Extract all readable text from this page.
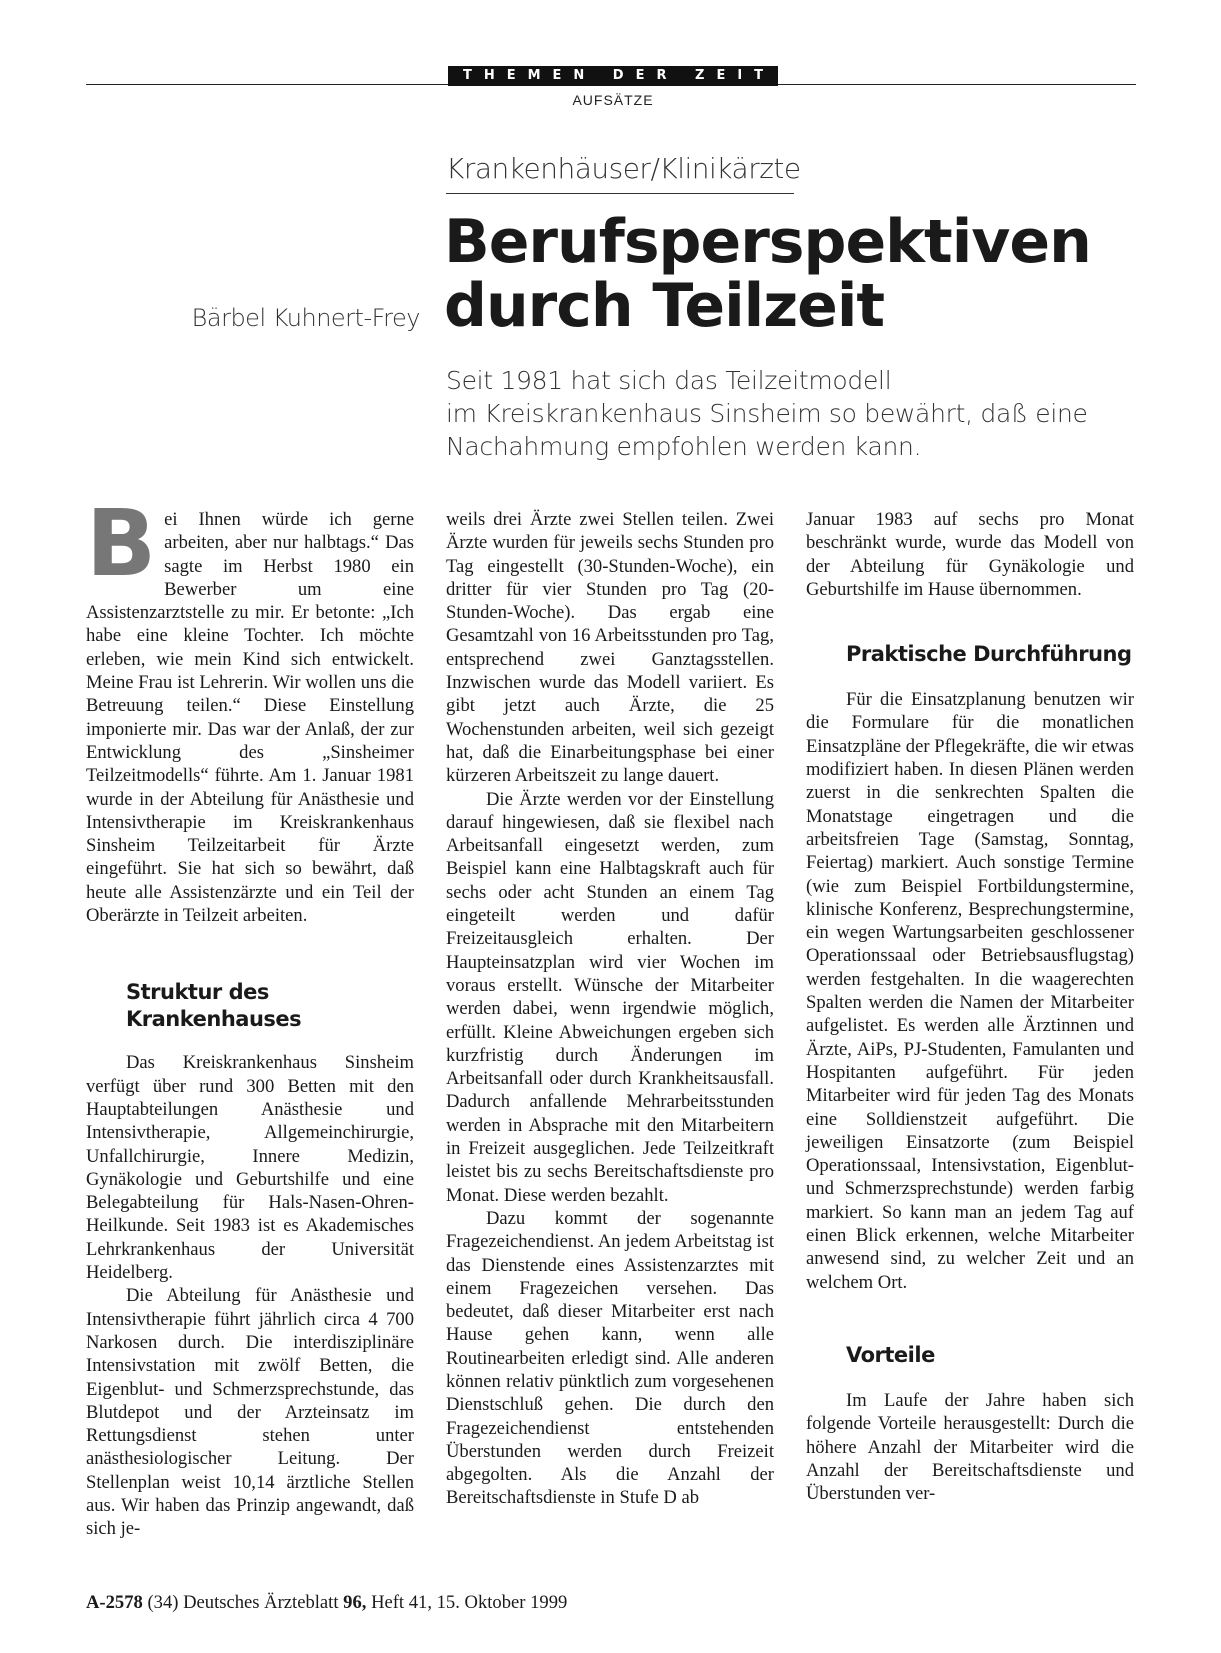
THEMEN DER ZEIT
AUFSÄTZE
Krankenhäuser/Klinikärzte
Berufsperspektiven
durch Teilzeit
Bärbel Kuhnert-Frey
Seit 1981 hat sich das Teilzeitmodell
im Kreiskrankenhaus Sinsheim so bewährt, daß eine
Nachahmung empfohlen werden kann.
B ei Ihnen würde ich gerne arbeiten, aber nur halbtags.“ Das sagte im Herbst 1980 ein Bewerber um eine Assistenzarztstelle zu mir. Er betonte: „Ich habe eine kleine Tochter. Ich möchte erleben, wie mein Kind sich entwickelt. Meine Frau ist Lehrerin. Wir wollen uns die Betreuung teilen.“ Diese Einstellung imponierte mir. Das war der Anlaß, der zur Entwicklung des „Sinsheimer Teilzeitmodells“ führte. Am 1. Januar 1981 wurde in der Abteilung für Anästhesie und Intensivtherapie im Kreiskrankenhaus Sinsheim Teilzeitarbeit für Ärzte eingeführt. Sie hat sich so bewährt, daß heute alle Assistenzärzte und ein Teil der Oberärzte in Teilzeit arbeiten.

Struktur des
Krankenhauses

Das Kreiskrankenhaus Sinsheim verfügt über rund 300 Betten mit den Hauptabteilungen Anästhesie und Intensivtherapie, Allgemeinchirurgie, Unfallchirurgie, Innere Medizin, Gynäkologie und Geburtshilfe und eine Belegabteilung für Hals-Nasen-Ohren-Heilkunde. Seit 1983 ist es Akademisches Lehrkrankenhaus der Universität Heidelberg.

Die Abteilung für Anästhesie und Intensivtherapie führt jährlich circa 4 700 Narkosen durch. Die interdisziplinäre Intensivstation mit zwölf Betten, die Eigenblut- und Schmerzsprechstunde, das Blutdepot und der Arzteinsatz im Rettungsdienst stehen unter anästhesiologischer Leitung. Der Stellenplan weist 10,14 ärztliche Stellen aus. Wir haben das Prinzip angewandt, daß sich je-

weils drei Ärzte zwei Stellen teilen. Zwei Ärzte wurden für jeweils sechs Stunden pro Tag eingestellt (30-Stunden-Woche), ein dritter für vier Stunden pro Tag (20-Stunden-Woche). Das ergab eine Gesamtzahl von 16 Arbeitsstunden pro Tag, entsprechend zwei Ganztagsstellen. Inzwischen wurde das Modell variiert. Es gibt jetzt auch Ärzte, die 25 Wochenstunden arbeiten, weil sich gezeigt hat, daß die Einarbeitungsphase bei einer kürzeren Arbeitszeit zu lange dauert.

Die Ärzte werden vor der Einstellung darauf hingewiesen, daß sie flexibel nach Arbeitsanfall eingesetzt werden, zum Beispiel kann eine Halbtagskraft auch für sechs oder acht Stunden an einem Tag eingeteilt werden und dafür Freizeitausgleich erhalten. Der Haupteinsatzplan wird vier Wochen im voraus erstellt. Wünsche der Mitarbeiter werden dabei, wenn irgendwie möglich, erfüllt. Kleine Abweichungen ergeben sich kurzfristig durch Änderungen im Arbeitsanfall oder durch Krankheitsausfall. Dadurch anfallende Mehrarbeitsstunden werden in Absprache mit den Mitarbeitern in Freizeit ausgeglichen. Jede Teilzeitkraft leistet bis zu sechs Bereitschaftsdienste pro Monat. Diese werden bezahlt.

Dazu kommt der sogenannte Fragezeichendienst. An jedem Arbeitstag ist das Dienstende eines Assistenzarztes mit einem Fragezeichen versehen. Das bedeutet, daß dieser Mitarbeiter erst nach Hause gehen kann, wenn alle Routinearbeiten erledigt sind. Alle anderen können relativ pünktlich zum vorgesehenen Dienstschluß gehen. Die durch den Fragezeichendienst entstehenden Überstunden werden durch Freizeit abgegolten. Als die Anzahl der Bereitschaftsdienste in Stufe D ab

Januar 1983 auf sechs pro Monat beschränkt wurde, wurde das Modell von der Abteilung für Gynäkologie und Geburtshilfe im Hause übernommen.

Praktische Durchführung

Für die Einsatzplanung benutzen wir die Formulare für die monatlichen Einsatzpläne der Pflegekräfte, die wir etwas modifiziert haben. In diesen Plänen werden zuerst in die senkrechten Spalten die Monatstage eingetragen und die arbeitsfreien Tage (Samstag, Sonntag, Feiertag) markiert. Auch sonstige Termine (wie zum Beispiel Fortbildungstermine, klinische Konferenz, Besprechungstermine, ein wegen Wartungsarbeiten geschlossener Operationssaal oder Betriebsausflugstag) werden festgehalten. In die waagerechten Spalten werden die Namen der Mitarbeiter aufgelistet. Es werden alle Ärztinnen und Ärzte, AiPs, PJ-Studenten, Famulanten und Hospitanten aufgeführt. Für jeden Mitarbeiter wird für jeden Tag des Monats eine Solldienstzeit aufgeführt. Die jeweiligen Einsatzorte (zum Beispiel Operationssaal, Intensivstation, Eigenblut- und Schmerzsprechstunde) werden farbig markiert. So kann man an jedem Tag auf einen Blick erkennen, welche Mitarbeiter anwesend sind, zu welcher Zeit und an welchem Ort.

Vorteile

Im Laufe der Jahre haben sich folgende Vorteile herausgestellt: Durch die höhere Anzahl der Mitarbeiter wird die Anzahl der Bereitschaftsdienste und Überstunden ver-

A-2578 (34) Deutsches Ärzteblatt 96, Heft 41, 15. Oktober 1999
